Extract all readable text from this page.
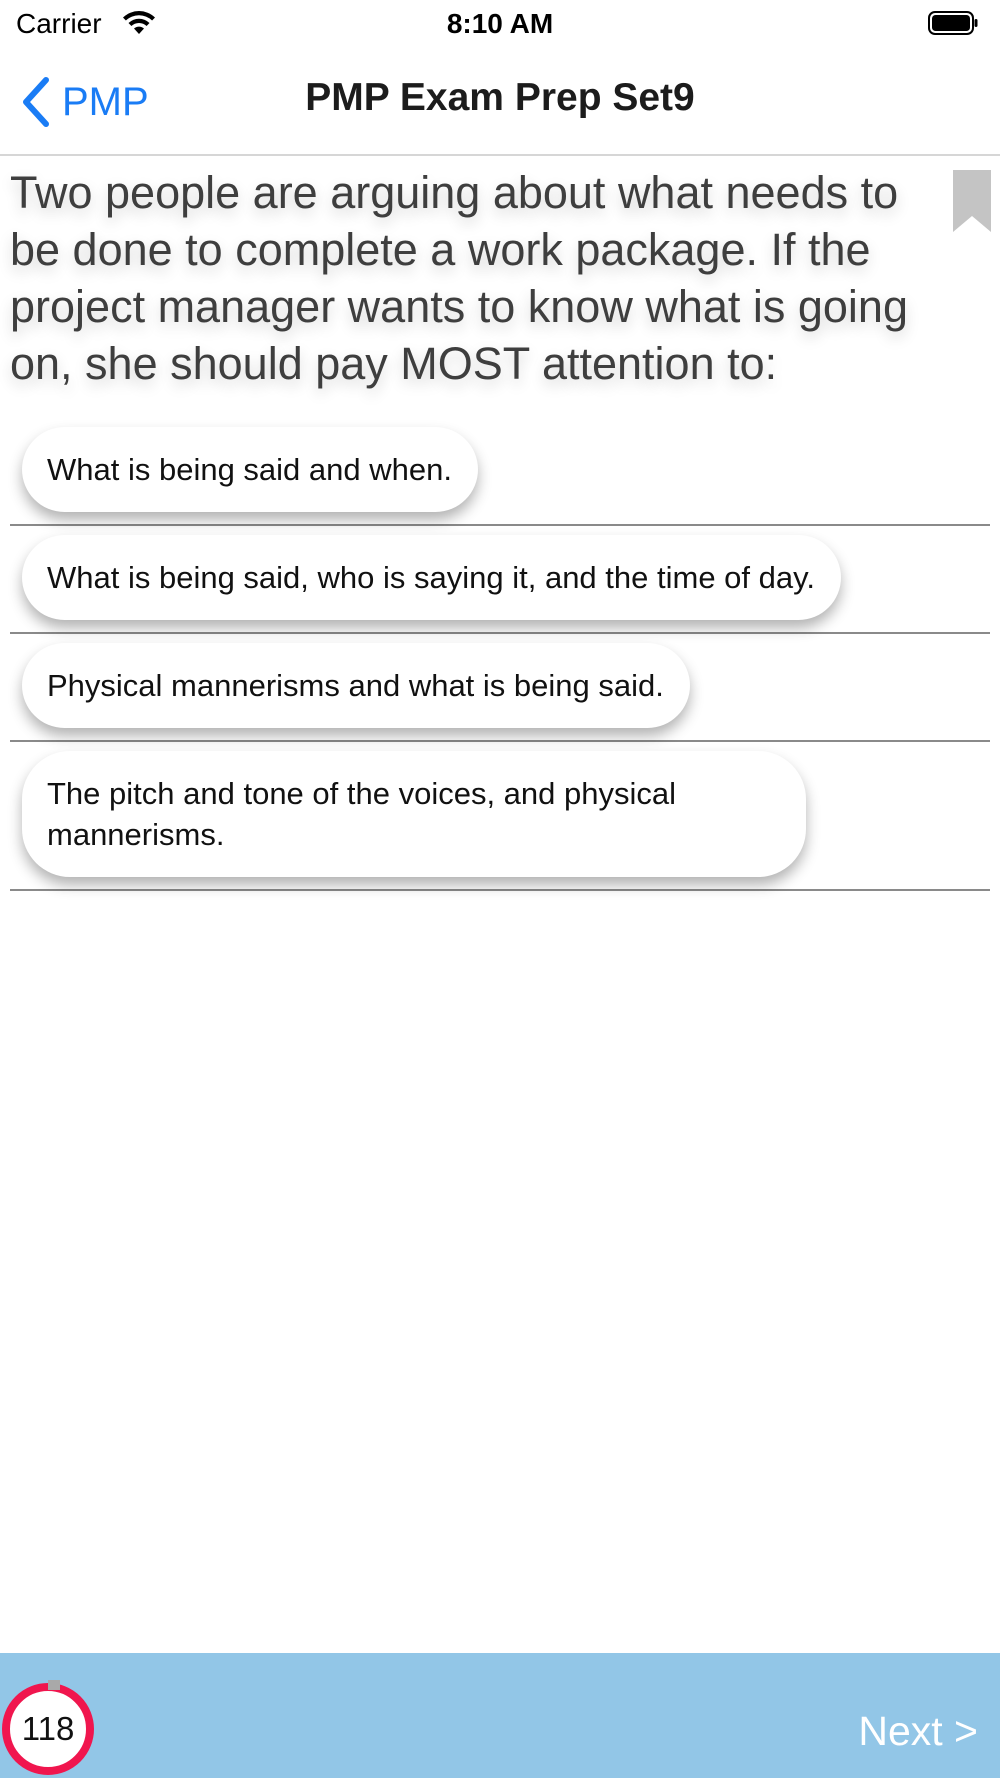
Carrier	8:10 AM
PMP	PMP Exam Prep Set9
Two people are arguing about what needs to be done to complete a work package. If the project manager wants to know what is going on, she should pay MOST attention to:
What is being said and when.
What is being said, who is saying it, and the time of day.
Physical mannerisms and what is being said.
The pitch and tone of the voices, and physical mannerisms.
118	Next >
